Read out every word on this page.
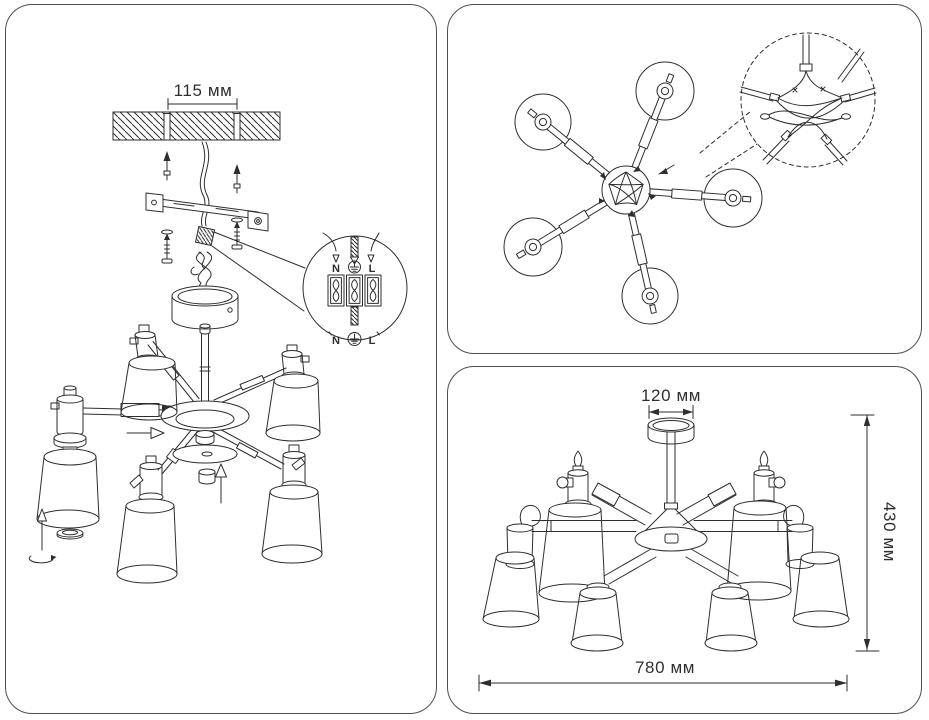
115 мм
N	L
N	L
120 мм
430 мм
780 мм
